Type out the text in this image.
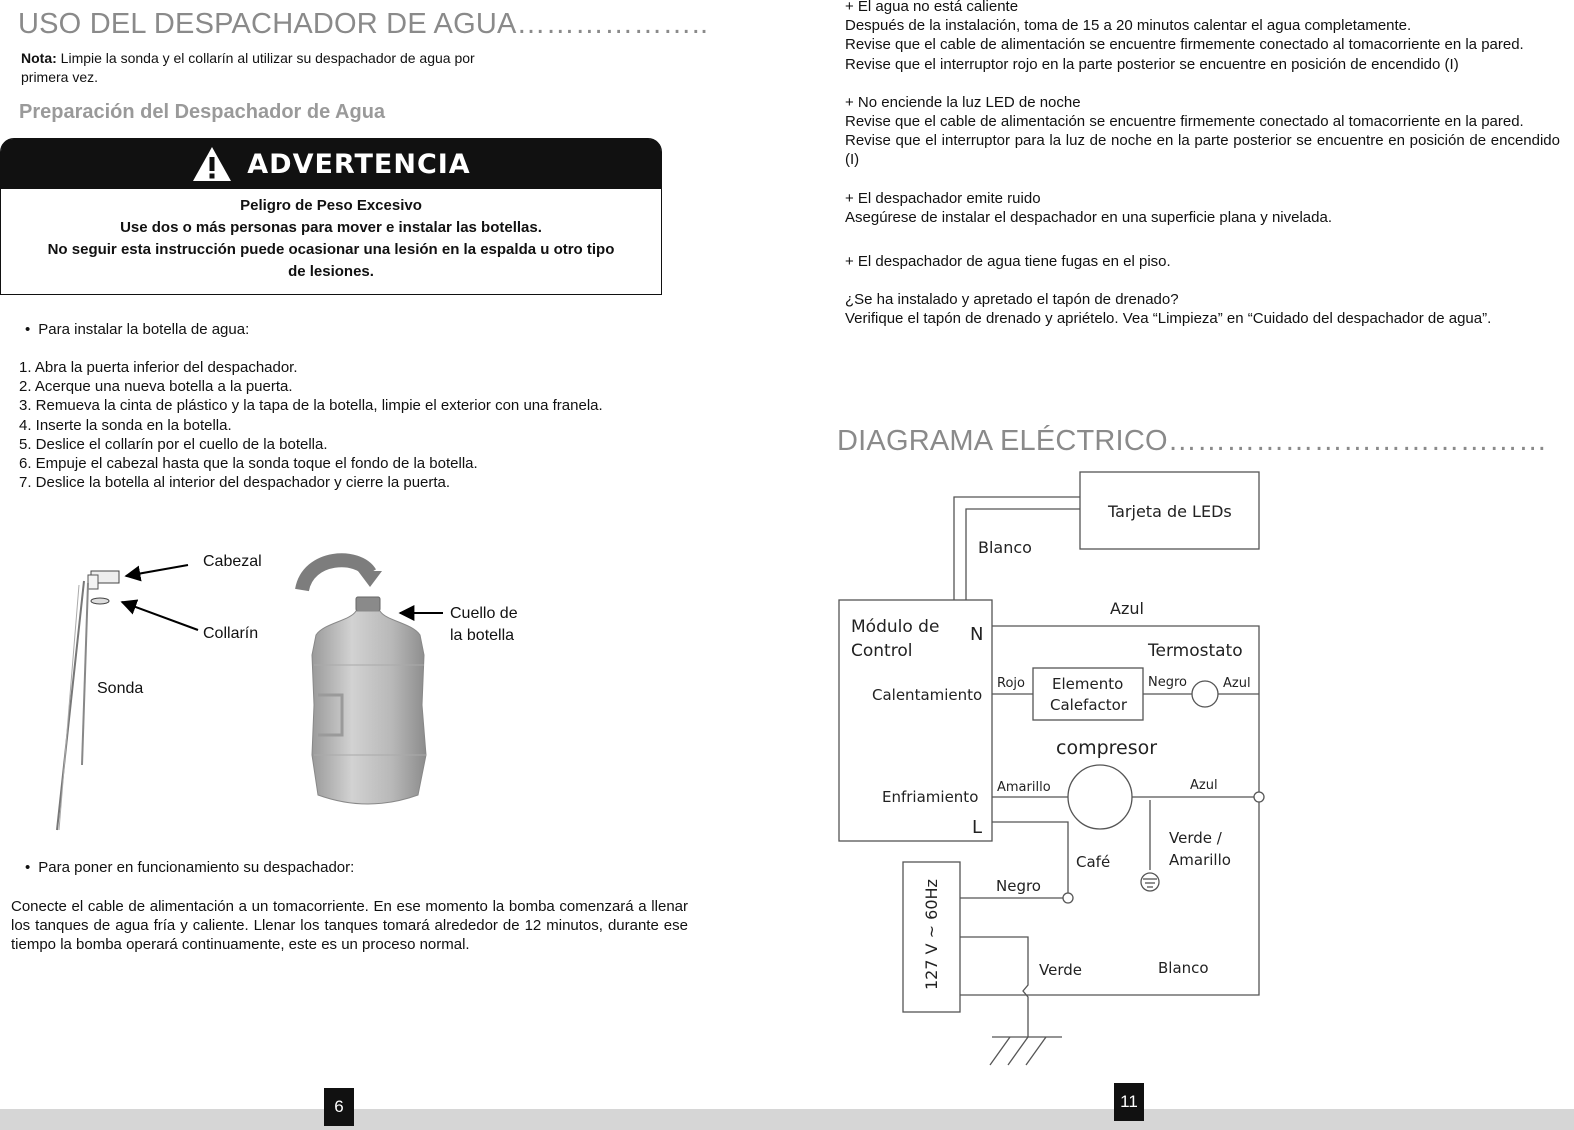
USO DEL DESPACHADOR DE AGUA………………..
Nota: Limpie la sonda y el collarín al utilizar su despachador de agua por
primera vez.
Preparación del Despachador de Agua
ADVERTENCIA
Peligro de Peso Excesivo
Use dos o más personas para mover e instalar las botellas.
No seguir esta instrucción puede ocasionar una lesión en la espalda u otro tipo
de lesiones.
• Para instalar la botella de agua:
1. Abra la puerta inferior del despachador.
2. Acerque una nueva botella a la puerta.
3. Remueva la cinta de plástico y la tapa de la botella, limpie el exterior con una franela.
4. Inserte la sonda en la botella.
5. Deslice el collarín por el cuello de la botella.
6. Empuje el cabezal hasta que la sonda toque el fondo de la botella.
7. Deslice la botella al interior del despachador y cierre la puerta.
Cabezal
Collarín
Sonda
Cuello de
la botella
• Para poner en funcionamiento su despachador:
Conecte el cable de alimentación a un tomacorriente. En ese momento la bomba comenzará a llenar los tanques de agua fría y caliente. Llenar los tanques tomará alrededor de 12 minutos, durante ese tiempo la bomba operará continuamente, este es un proceso normal.
+ El agua no está caliente
Después de la instalación, toma de 15 a 20 minutos calentar el agua completamente.
Revise que el cable de alimentación se encuentre firmemente conectado al tomacorriente en la pared.
Revise que el interruptor rojo en la parte posterior se encuentre en posición de encendido (I)
+ No enciende la luz LED de noche
Revise que el cable de alimentación se encuentre firmemente conectado al tomacorriente en la pared.
Revise que el interruptor para la luz de noche en la parte posterior se encuentre en posición de encendido (I)
+ El despachador emite ruido
Asegúrese de instalar el despachador en una superficie plana y nivelada.
+ El despachador de agua tiene fugas en el piso.
¿Se ha instalado y apretado el tapón de drenado?
Verifique el tapón de drenado y apriételo. Vea “Limpieza” en “Cuidado del despachador de agua”.
DIAGRAMA ELÉCTRICO…………………………………
Tarjeta de LEDs
Blanco
Azul
Módulo de
Control
N
L
Termostato
Calentamiento
Rojo Elemento
Calefactor
Negro	Azul
compresor
Enfriamiento
Amarillo	Azul
Verde /
Amarillo
Café
Negro
Verde	Blanco
127 V ~ 60Hz
6	11
